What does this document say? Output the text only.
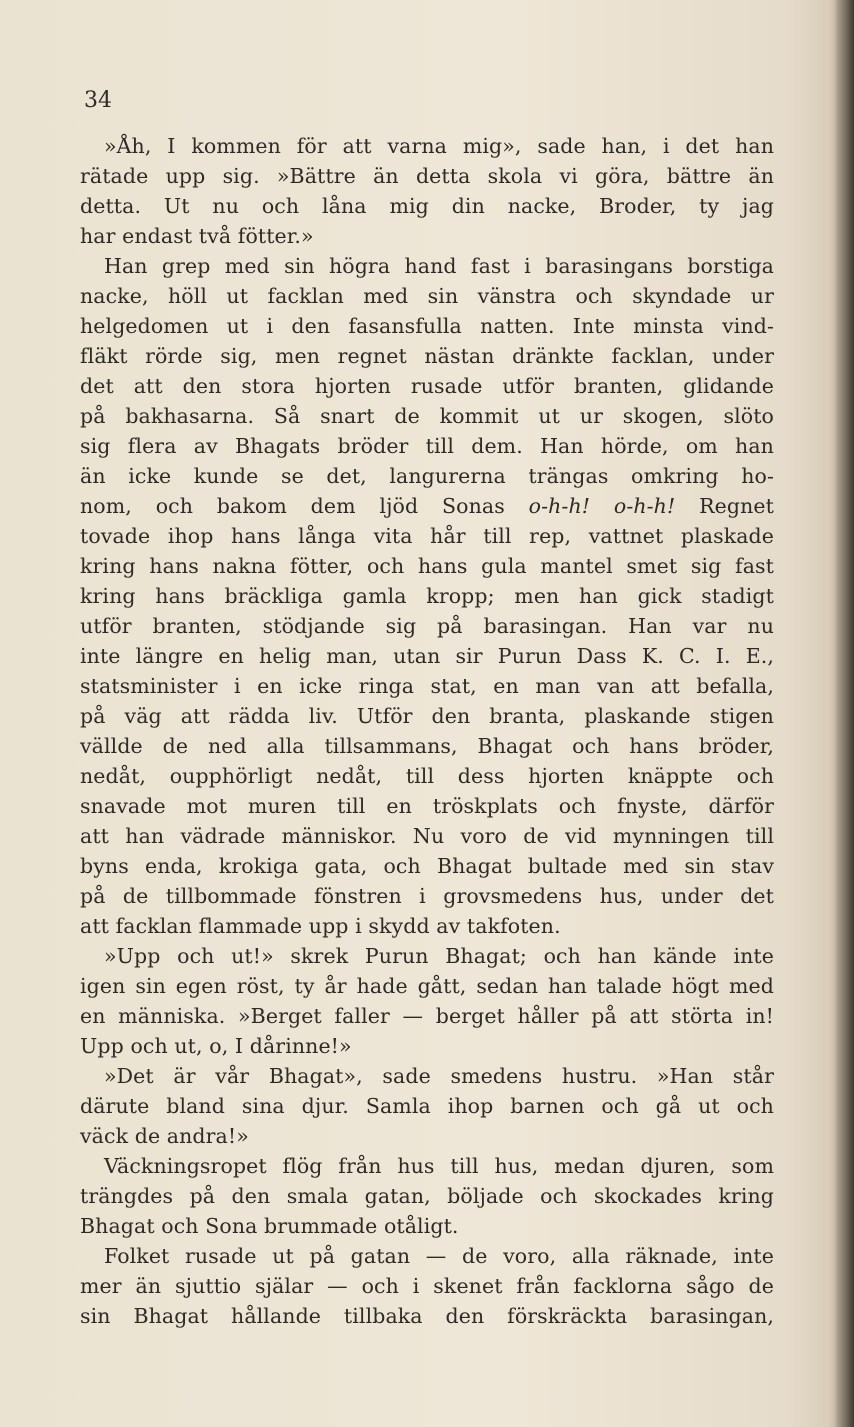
34
»Åh, I kommen för att varna mig», sade han, i det han
rätade upp sig. »Bättre än detta skola vi göra, bättre än
detta. Ut nu och låna mig din nacke, Broder, ty jag
har endast två fötter.»
Han grep med sin högra hand fast i barasingans borstiga
nacke, höll ut facklan med sin vänstra och skyndade ur
helgedomen ut i den fasansfulla natten. Inte minsta vind-
fläkt rörde sig, men regnet nästan dränkte facklan, under
det att den stora hjorten rusade utför branten, glidande
på bakhasarna. Så snart de kommit ut ur skogen, slöto
sig flera av Bhagats bröder till dem. Han hörde, om han
än icke kunde se det, langurerna trängas omkring ho-
nom, och bakom dem ljöd Sonas o-h-h! o-h-h! Regnet
tovade ihop hans långa vita hår till rep, vattnet plaskade
kring hans nakna fötter, och hans gula mantel smet sig fast
kring hans bräckliga gamla kropp; men han gick stadigt
utför branten, stödjande sig på barasingan. Han var nu
inte längre en helig man, utan sir Purun Dass K. C. I. E.,
statsminister i en icke ringa stat, en man van att befalla,
på väg att rädda liv. Utför den branta, plaskande stigen
vällde de ned alla tillsammans, Bhagat och hans bröder,
nedåt, oupphörligt nedåt, till dess hjorten knäppte och
snavade mot muren till en tröskplats och fnyste, därför
att han vädrade människor. Nu voro de vid mynningen till
byns enda, krokiga gata, och Bhagat bultade med sin stav
på de tillbommade fönstren i grovsmedens hus, under det
att facklan flammade upp i skydd av takfoten.
»Upp och ut!» skrek Purun Bhagat; och han kände inte
igen sin egen röst, ty år hade gått, sedan han talade högt med
en människa. »Berget faller — berget håller på att störta in!
Upp och ut, o, I dårinne!»
»Det är vår Bhagat», sade smedens hustru. »Han står
därute bland sina djur. Samla ihop barnen och gå ut och
väck de andra!»
Väckningsropet flög från hus till hus, medan djuren, som
trängdes på den smala gatan, böljade och skockades kring
Bhagat och Sona brummade otåligt.
Folket rusade ut på gatan — de voro, alla räknade, inte
mer än sjuttio själar — och i skenet från facklorna sågo de
sin Bhagat hållande tillbaka den förskräckta barasingan,
